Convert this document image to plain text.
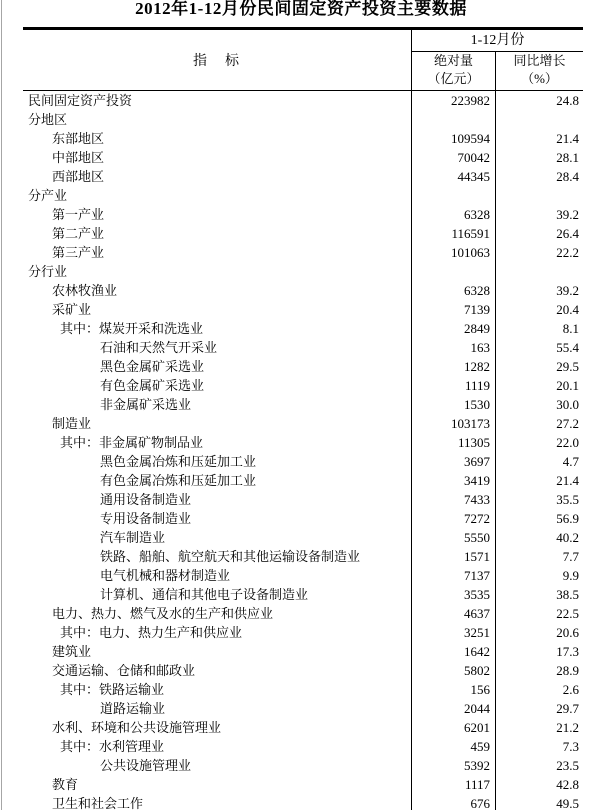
2012年1-12月份民间固定资产投资主要数据
指　标
1-12月份
绝对量
（亿元）
同比增长
（%）
民间固定资产投资	223982	24.8
分地区
东部地区	109594	21.4
中部地区	70042	28.1
西部地区	44345	28.4
分产业
第一产业	6328	39.2
第二产业	116591	26.4
第三产业	101063	22.2
分行业
农林牧渔业	6328	39.2
采矿业	7139	20.4
其中：煤炭开采和洗选业	2849	8.1
石油和天然气开采业	163	55.4
黑色金属矿采选业	1282	29.5
有色金属矿采选业	1119	20.1
非金属矿采选业	1530	30.0
制造业	103173	27.2
其中：非金属矿物制品业	11305	22.0
黑色金属冶炼和压延加工业	3697	4.7
有色金属冶炼和压延加工业	3419	21.4
通用设备制造业	7433	35.5
专用设备制造业	7272	56.9
汽车制造业	5550	40.2
铁路、船舶、航空航天和其他运输设备制造业	1571	7.7
电气机械和器材制造业	7137	9.9
计算机、通信和其他电子设备制造业	3535	38.5
电力、热力、燃气及水的生产和供应业	4637	22.5
其中：电力、热力生产和供应业	3251	20.6
建筑业	1642	17.3
交通运输、仓储和邮政业	5802	28.9
其中：铁路运输业	156	2.6
道路运输业	2044	29.7
水利、环境和公共设施管理业	6201	21.2
其中：水利管理业	459	7.3
公共设施管理业	5392	23.5
教育	1117	42.8
卫生和社会工作	676	49.5
